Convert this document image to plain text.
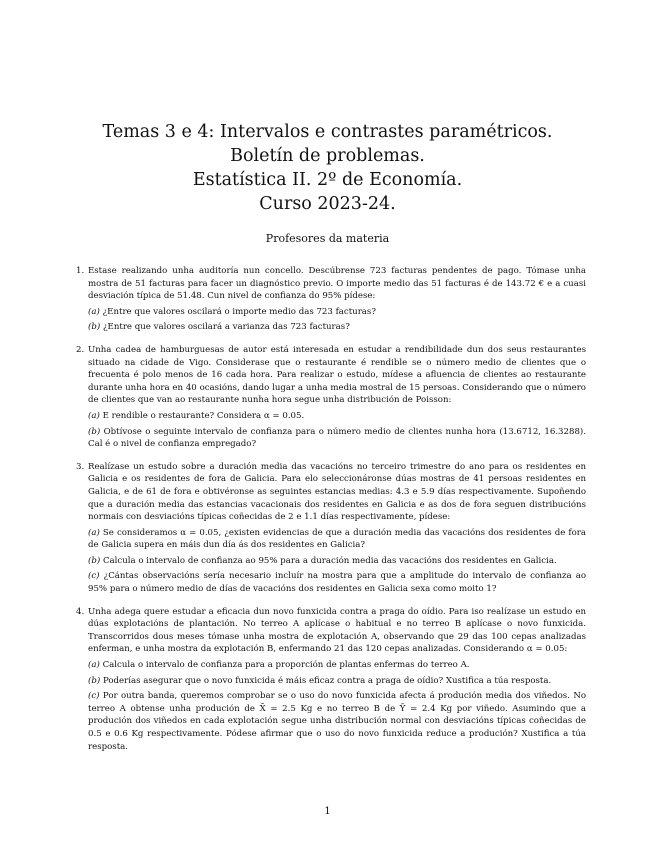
Temas 3 e 4: Intervalos e contrastes paramétricos.

Boletín de problemas.

Estatística II. 2º de Economía.

Curso 2023-24.

Profesores da materia
1. Estase realizando unha auditoría nun concello. Descúbrense 723 facturas pendentes de pago. Tómase unha mostra de 51 facturas para facer un diagnóstico previo. O importe medio das 51 facturas é de 143.72 € e a cuasi desviación típica de 51.48. Cun nivel de confianza do 95% pídese:

(a) ¿Entre que valores oscilará o importe medio das 723 facturas?

(b) ¿Entre que valores oscilará a varianza das 723 facturas?

2. Unha cadea de hamburguesas de autor está interesada en estudar a rendibilidade dun dos seus restaurantes situado na cidade de Vigo. Considerase que o restaurante é rendible se o número medio de clientes que o frecuenta é polo menos de 16 cada hora. Para realizar o estudo, mídese a afluencia de clientes ao restaurante durante unha hora en 40 ocasións, dando lugar a unha media mostral de 15 persoas. Considerando que o número de clientes que van ao restaurante nunha hora segue unha distribución de Poisson:

(a) E rendible o restaurante? Considera α = 0.05.

(b) Obtívose o seguinte intervalo de confianza para o número medio de clientes nunha hora (13.6712, 16.3288). Cal é o nivel de confianza empregado?

3. Realízase un estudo sobre a duración media das vacacións no terceiro trimestre do ano para os residentes en Galicia e os residentes de fora de Galicia. Para elo seleccionáronse dúas mostras de 41 persoas residentes en Galicia, e de 61 de fora e obtivéronse as seguintes estancias medias: 4.3 e 5.9 días respectivamente. Supoñendo que a duración media das estancias vacacionais dos residentes en Galicia e as dos de fora seguen distribucións normais con desviacións típicas coñecidas de 2 e 1.1 días respectivamente, pídese:

(a) Se consideramos α = 0.05, ¿existen evidencias de que a duración media das vacacións dos residentes de fora de Galicia supera en máis dun día ás dos residentes en Galicia?

(b) Calcula o intervalo de confianza ao 95% para a duración media das vacacións dos residentes en Galicia.

(c) ¿Cántas observacións sería necesario incluír na mostra para que a amplitude do intervalo de confianza ao 95% para o número medio de días de vacacións dos residentes en Galicia sexa como moito 1?

4. Unha adega quere estudar a eficacia dun novo funxicida contra a praga do oídio. Para iso realízase un estudo en dúas explotacións de plantación. No terreo A aplícase o habitual e no terreo B aplícase o novo funxicida. Transcorridos dous meses tómase unha mostra de explotación A, observando que 29 das 100 cepas analizadas enferman, e unha mostra da explotación B, enfermando 21 das 120 cepas analizadas. Considerando α = 0.05:

(a) Calcula o intervalo de confianza para a proporción de plantas enfermas do terreo A.

(b) Poderías asegurar que o novo funxicida é máis eficaz contra a praga de oídio? Xustifica a túa resposta.

(c) Por outra banda, queremos comprobar se o uso do novo funxicida afecta á produción media dos viñedos. No terreo A obtense unha produción de X̄ = 2.5 Kg e no terreo B de Ȳ = 2.4 Kg por viñedo. Asumindo que a produción dos viñedos en cada explotación segue unha distribución normal con desviacións típicas coñecidas de 0.5 e 0.6 Kg respectivamente. Pódese afirmar que o uso do novo funxicida reduce a produción? Xustifica a túa resposta.

1
